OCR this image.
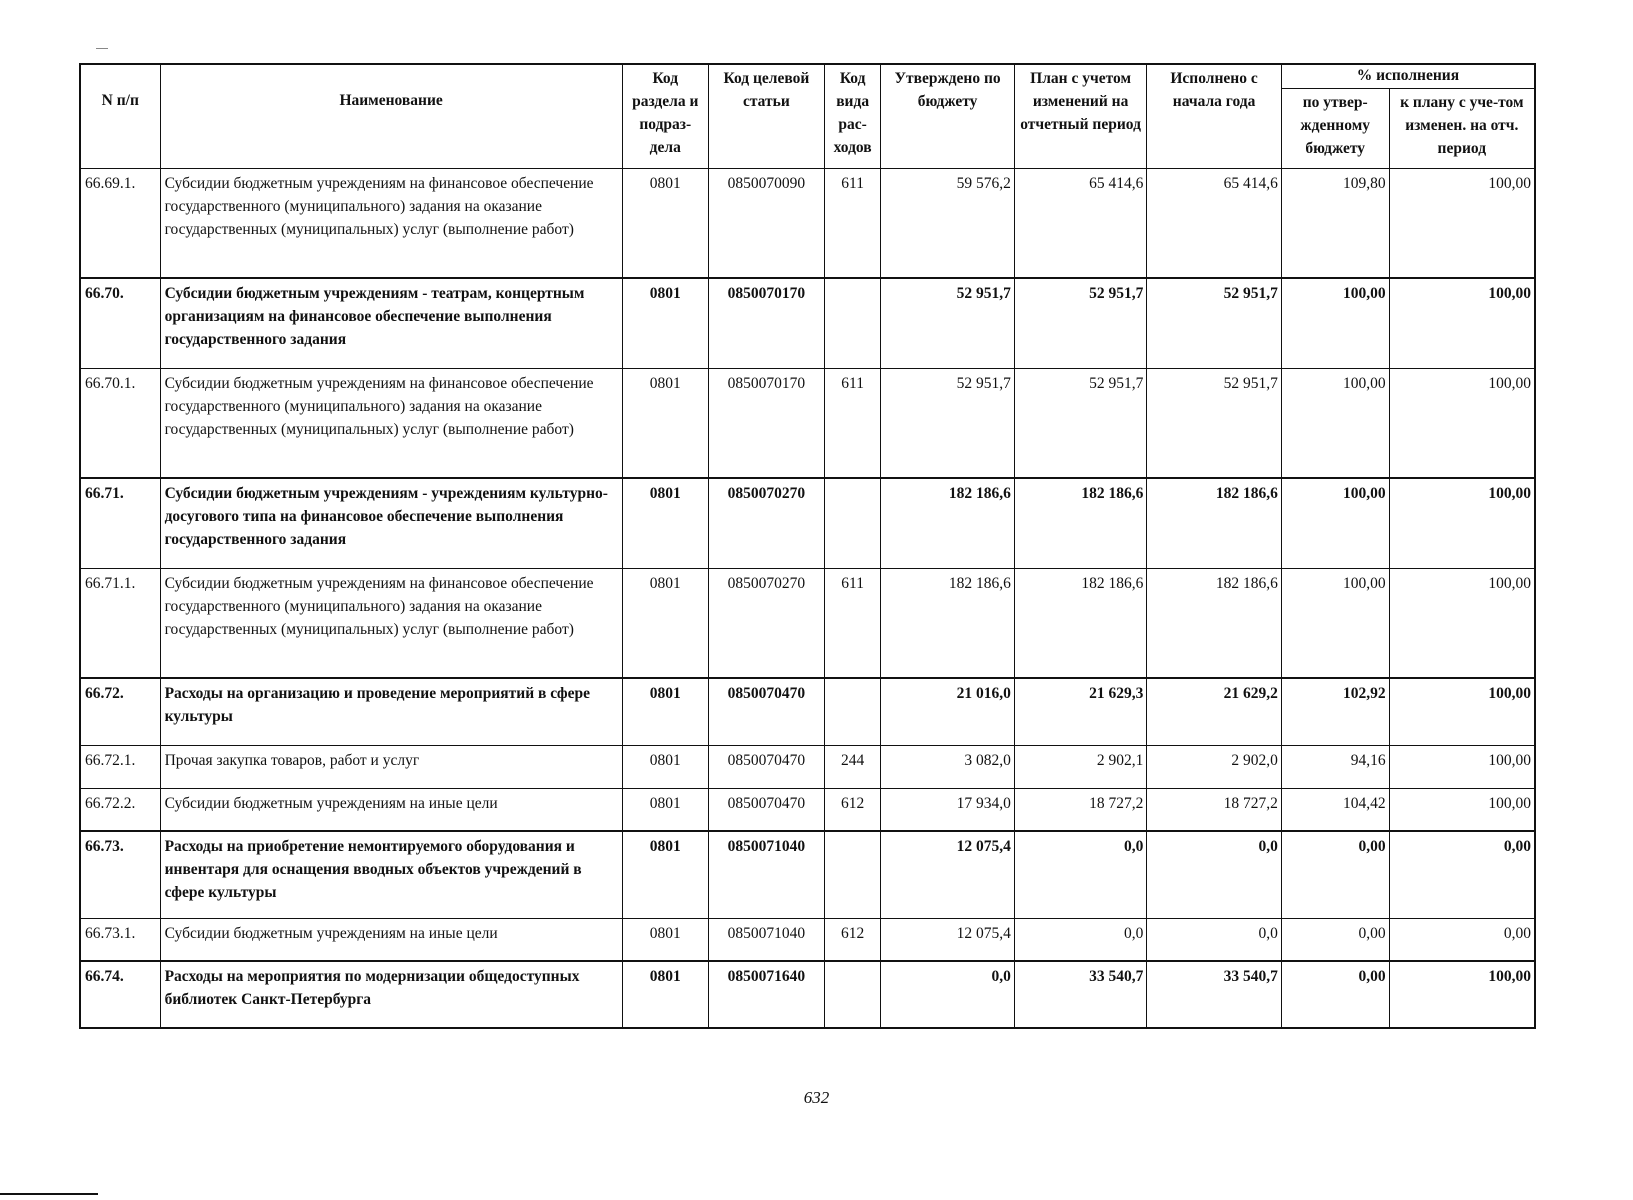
N п/п	Наименование	Код раздела и подраз-дела	Код целевой статьи	Код вида рас-ходов	Утверждено по бюджету	План с учетом изменений на отчетный период	Исполнено с начала года	% исполнения	
								по утвер-жденному бюджету	к плану с уче-том изменен. на отч. период
66.69.1.	Субсидии бюджетным учреждениям на финансовое обеспечение государственного (муниципального) задания на оказание государственных (муниципальных) услуг (выполнение работ)	0801	0850070090	611	59 576,2	65 414,6	65 414,6	109,80	100,00
66.70.	Субсидии бюджетным учреждениям - театрам, концертным организациям на финансовое обеспечение выполнения государственного задания	0801	0850070170		52 951,7	52 951,7	52 951,7	100,00	100,00
66.70.1.	Субсидии бюджетным учреждениям на финансовое обеспечение государственного (муниципального) задания на оказание государственных (муниципальных) услуг (выполнение работ)	0801	0850070170	611	52 951,7	52 951,7	52 951,7	100,00	100,00
66.71.	Субсидии бюджетным учреждениям - учреждениям культурно-досугового типа на финансовое обеспечение выполнения государственного задания	0801	0850070270		182 186,6	182 186,6	182 186,6	100,00	100,00
66.71.1.	Субсидии бюджетным учреждениям на финансовое обеспечение государственного (муниципального) задания на оказание государственных (муниципальных) услуг (выполнение работ)	0801	0850070270	611	182 186,6	182 186,6	182 186,6	100,00	100,00
66.72.	Расходы на организацию и проведение мероприятий в сфере культуры	0801	0850070470		21 016,0	21 629,3	21 629,2	102,92	100,00
66.72.1.	Прочая закупка товаров, работ и услуг	0801	0850070470	244	3 082,0	2 902,1	2 902,0	94,16	100,00
66.72.2.	Субсидии бюджетным учреждениям на иные цели	0801	0850070470	612	17 934,0	18 727,2	18 727,2	104,42	100,00
66.73.	Расходы на приобретение немонтируемого оборудования и инвентаря для оснащения вводных объектов учреждений в сфере культуры	0801	0850071040		12 075,4	0,0	0,0	0,00	0,00
66.73.1.	Субсидии бюджетным учреждениям на иные цели	0801	0850071040	612	12 075,4	0,0	0,0	0,00	0,00
66.74.	Расходы на мероприятия по модернизации общедоступных библиотек Санкт-Петербурга	0801	0850071640		0,0	33 540,7	33 540,7	0,00	100,00
632
